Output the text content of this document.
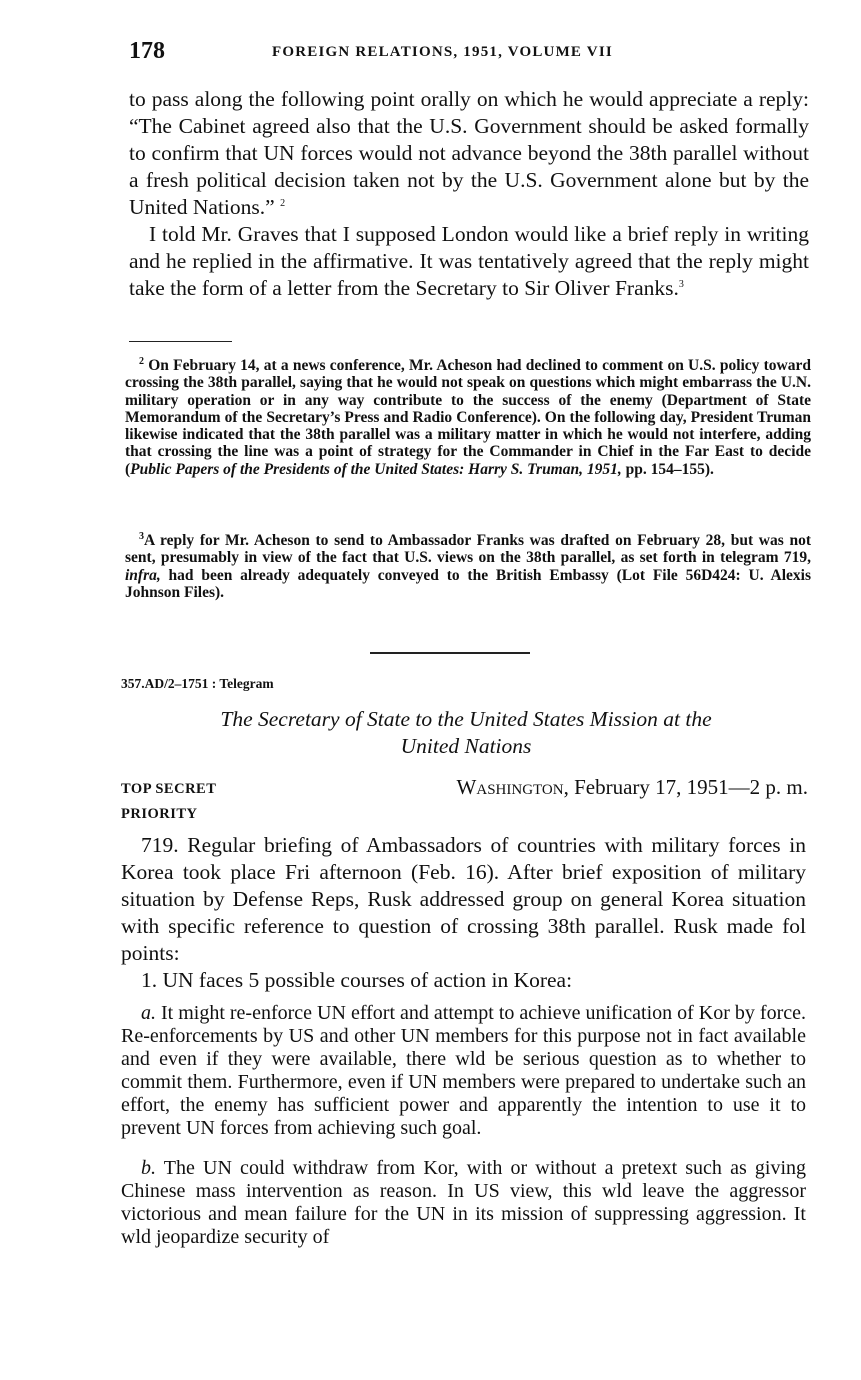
178	FOREIGN RELATIONS, 1951, VOLUME VII

to pass along the following point orally on which he would appreciate a reply: “The Cabinet agreed also that the U.S. Government should be asked formally to confirm that UN forces would not advance beyond the 38th parallel without a fresh political decision taken not by the U.S. Government alone but by the United Nations.” $^2$

I told Mr. Graves that I supposed London would like a brief reply in writing and he replied in the affirmative. It was tentatively agreed that the reply might take the form of a letter from the Secretary to Sir Oliver Franks.$^3$

$^2$ On February 14, at a news conference, Mr. Acheson had declined to comment on U.S. policy toward crossing the 38th parallel, saying that he would not speak on questions which might embarrass the U.N. military operation or in any way contribute to the success of the enemy (Department of State Memorandum of the Secretary’s Press and Radio Conference). On the following day, President Truman likewise indicated that the 38th parallel was a military matter in which he would not interfere, adding that crossing the line was a point of strategy for the Commander in Chief in the Far East to decide (Public Papers of the Presidents of the United States: Harry S. Truman, 1951, pp. 154–155).

$^3$A reply for Mr. Acheson to send to Ambassador Franks was drafted on February 28, but was not sent, presumably in view of the fact that U.S. views on the 38th parallel, as set forth in telegram 719, infra, had been already adequately conveyed to the British Embassy (Lot File 56D424: U. Alexis Johnson Files).

357.AD/2–1751 : Telegram

The Secretary of State to the United States Mission at the
United Nations

TOP SECRET
PRIORITY
Washington, February 17, 1951—2 p. m.

719. Regular briefing of Ambassadors of countries with military forces in Korea took place Fri afternoon (Feb. 16). After brief exposition of military situation by Defense Reps, Rusk addressed group on general Korea situation with specific reference to question of crossing 38th parallel. Rusk made fol points:

1. UN faces 5 possible courses of action in Korea:

a. It might re-enforce UN effort and attempt to achieve unification of Kor by force. Re-enforcements by US and other UN members for this purpose not in fact available and even if they were available, there wld be serious question as to whether to commit them. Furthermore, even if UN members were prepared to undertake such an effort, the enemy has sufficient power and apparently the intention to use it to prevent UN forces from achieving such goal.

b. The UN could withdraw from Kor, with or without a pretext such as giving Chinese mass intervention as reason. In US view, this wld leave the aggressor victorious and mean failure for the UN in its mission of suppressing aggression. It wld jeopardize security of
